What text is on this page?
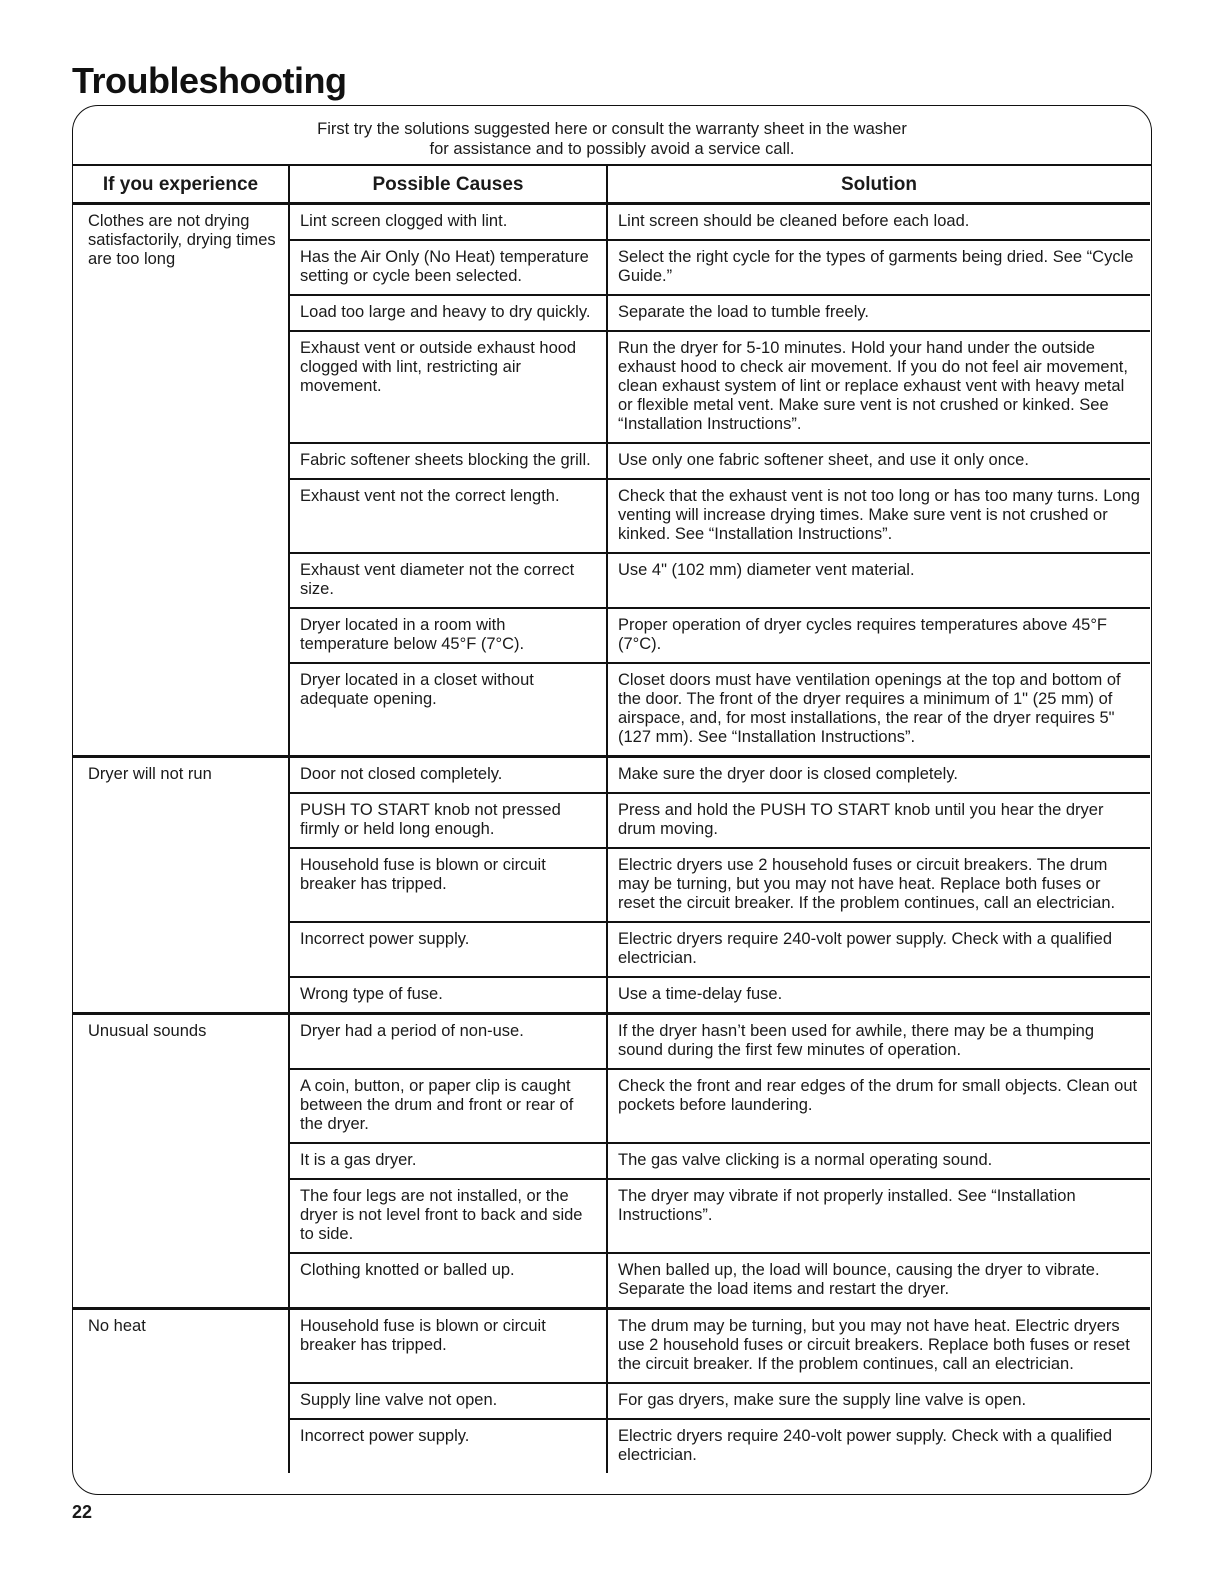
Troubleshooting

First try the solutions suggested here or consult the warranty sheet in the washer
for assistance and to possibly avoid a service call.

If you experience	Possible Causes	Solution
Clothes are not drying satisfactorily, drying times are too long	Lint screen clogged with lint.	Lint screen should be cleaned before each load.
	Has the Air Only (No Heat) temperature setting or cycle been selected.	Select the right cycle for the types of garments being dried. See “Cycle Guide.”
	Load too large and heavy to dry quickly.	Separate the load to tumble freely.
	Exhaust vent or outside exhaust hood clogged with lint, restricting air movement.	Run the dryer for 5-10 minutes. Hold your hand under the outside exhaust hood to check air movement. If you do not feel air movement, clean exhaust system of lint or replace exhaust vent with heavy metal or flexible metal vent. Make sure vent is not crushed or kinked. See “Installation Instructions”.
	Fabric softener sheets blocking the grill.	Use only one fabric softener sheet, and use it only once.
	Exhaust vent not the correct length.	Check that the exhaust vent is not too long or has too many turns. Long venting will increase drying times. Make sure vent is not crushed or kinked. See “Installation Instructions”.
	Exhaust vent diameter not the correct size.	Use 4" (102 mm) diameter vent material.
	Dryer located in a room with temperature below 45°F (7°C).	Proper operation of dryer cycles requires temperatures above 45°F (7°C).
	Dryer located in a closet without adequate opening.	Closet doors must have ventilation openings at the top and bottom of the door. The front of the dryer requires a minimum of 1" (25 mm) of airspace, and, for most installations, the rear of the dryer requires 5" (127 mm). See “Installation Instructions”.
Dryer will not run	Door not closed completely.	Make sure the dryer door is closed completely.
	PUSH TO START knob not pressed firmly or held long enough.	Press and hold the PUSH TO START knob until you hear the dryer drum moving.
	Household fuse is blown or circuit breaker has tripped.	Electric dryers use 2 household fuses or circuit breakers. The drum may be turning, but you may not have heat. Replace both fuses or reset the circuit breaker. If the problem continues, call an electrician.
	Incorrect power supply.	Electric dryers require 240-volt power supply. Check with a qualified electrician.
	Wrong type of fuse.	Use a time-delay fuse.
Unusual sounds	Dryer had a period of non-use.	If the dryer hasn’t been used for awhile, there may be a thumping sound during the first few minutes of operation.
	A coin, button, or paper clip is caught between the drum and front or rear of the dryer.	Check the front and rear edges of the drum for small objects. Clean out pockets before laundering.
	It is a gas dryer.	The gas valve clicking is a normal operating sound.
	The four legs are not installed, or the dryer is not level front to back and side to side.	The dryer may vibrate if not properly installed. See “Installation Instructions”.
	Clothing knotted or balled up.	When balled up, the load will bounce, causing the dryer to vibrate. Separate the load items and restart the dryer.
No heat	Household fuse is blown or circuit breaker has tripped.	The drum may be turning, but you may not have heat. Electric dryers use 2 household fuses or circuit breakers. Replace both fuses or reset the circuit breaker. If the problem continues, call an electrician.
	Supply line valve not open.	For gas dryers, make sure the supply line valve is open.
	Incorrect power supply.	Electric dryers require 240-volt power supply. Check with a qualified electrician.
22
